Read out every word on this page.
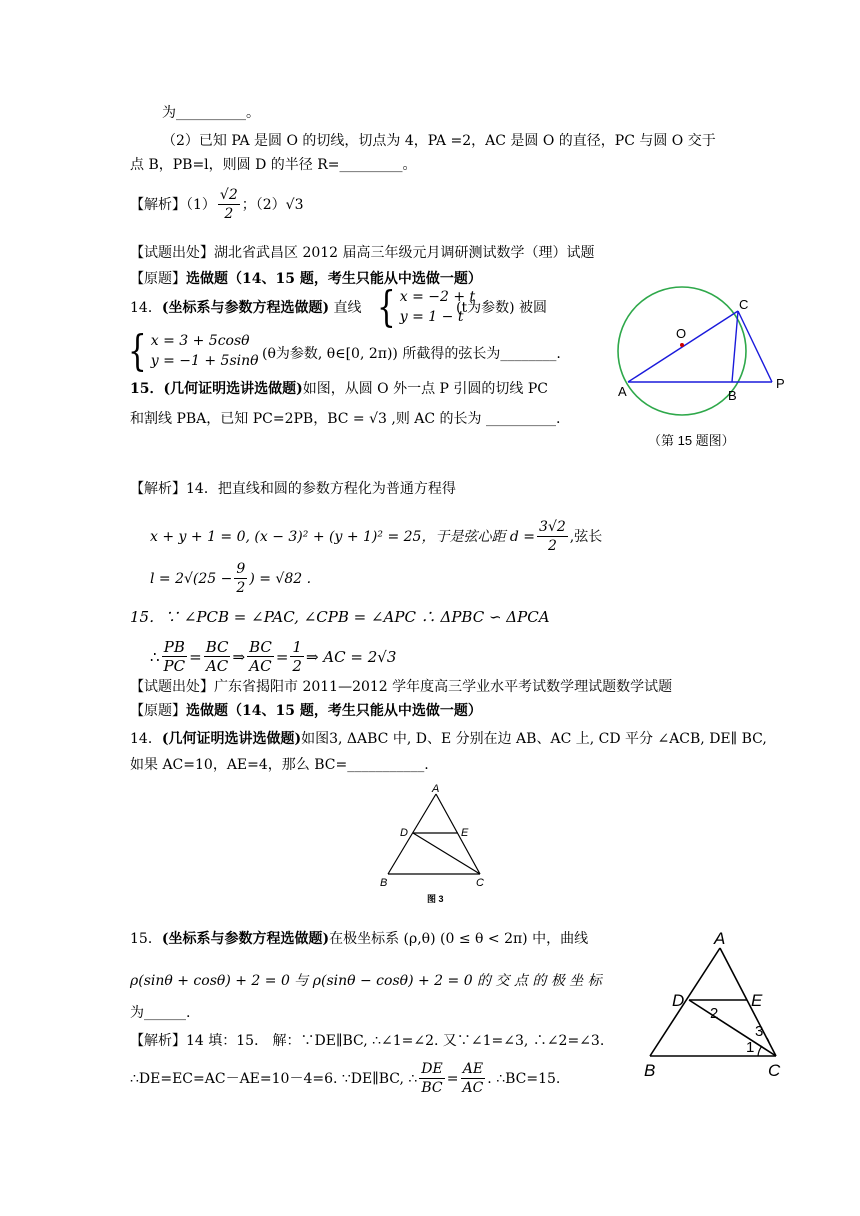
为__________。
（2）已知 PA 是圆 O 的切线，切点为 4，PA =2，AC 是圆 O 的直径，PC 与圆 O 交于
点 B，PB=l，则圆 D 的半径 R=_________。
【解析】$(1) \frac{√2}{2}$ ；（2）√3
【试题出处】湖北省武昌区 2012 届高三年级元月调研测试数学（理）试题
【原题】选做题（14、15 题，考生只能从中选做一题）
14．(坐标系与参数方程选做题) 直线 { x = −2 + t
y = 1 − t
(t为参数) 被圆
{ x = 3 + 5cosθ
y = −1 + 5sinθ (θ为参数, θ∈[0, 2π)) 所截得的弦长为________.
15．(几何证明选讲选做题)如图，从圆 O 外一点 P 引圆的切线 PC
和割线 PBA，已知 PC=2PB，BC = √3 ,则 AC 的长为 __________.
O
C
A	B
P
（第 15 题图）
【解析】14．把直线和圆的参数方程化为普通方程得
x + y + 1 = 0, (x − 3)² + (y + 1)² = 25，于是弦心距 $d = \frac{3√2}{2}$ ,弦长
$l = 2√(25 - \frac{9}{2}$ ) = √82 .
15．∵ ∠PCB = ∠PAC, ∠CPB = ∠APC ∴ ΔPBC ∽ ΔPCA
∴ $\frac{PB}{PC} = \frac{BC}{AC}$ ⇒ $\frac{BC}{AC} = \frac{1}{2}$ ⇒ AC = 2√3
【试题出处】广东省揭阳市 2011—2012 学年度高三学业水平考试数学理试题数学试题
【原题】选做题（14、15 题，考生只能从中选做一题）
14．(几何证明选讲选做题)如图3, ΔABC 中, D、E 分别在边 AB、AC 上, CD 平分 ∠ACB, DE∥ BC,
如果 AC=10，AE=4，那么 BC=___________.
A
D	E
B	C
图 3
15．(坐标系与参数方程选做题)在极坐标系 (ρ,θ) (0 ≤ θ < 2π) 中，曲线
ρ(sinθ + cosθ) + 2 = 0 与 ρ(sinθ − cosθ) + 2 = 0 的 交 点 的 极 坐 标
为______.
【解析】14 填：15． 解：∵DE∥BC, ∴∠1=∠2. 又∵∠1=∠3, ∴∠2=∠3.
∴DE=EC=AC－AE=10－4=6. ∵DE∥BC, ∴ $\frac{DE}{BC} = \frac{AE}{AC}$ . ∴BC=15.
A
D	E
B	C
1
2
3
